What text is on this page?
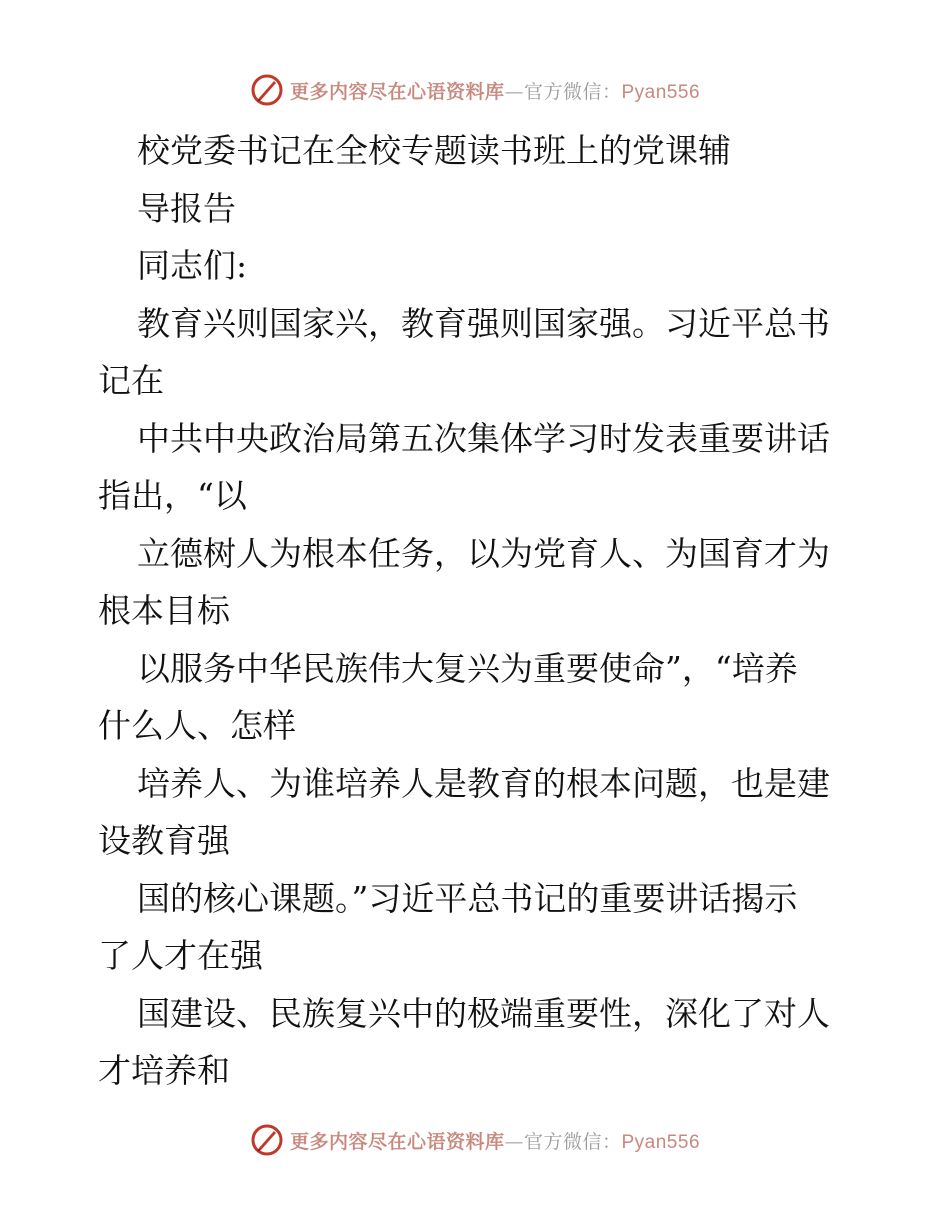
更多内容尽在心语资料库—官方微信：Pyan556
校党委书记在全校专题读书班上的党课辅
导报告
同志们:
教育兴则国家兴，教育强则国家强。习近平总书
记在
中共中央政治局第五次集体学习时发表重要讲话
指出，“以
立德树人为根本任务，以为党育人、为国育才为
根本目标
以服务中华民族伟大复兴为重要使命”，“培养
什么人、怎样
培养人、为谁培养人是教育的根本问题，也是建
设教育强
国的核心课题。”习近平总书记的重要讲话揭示
了人才在强
国建设、民族复兴中的极端重要性，深化了对人
才培养和
更多内容尽在心语资料库—官方微信：Pyan556
